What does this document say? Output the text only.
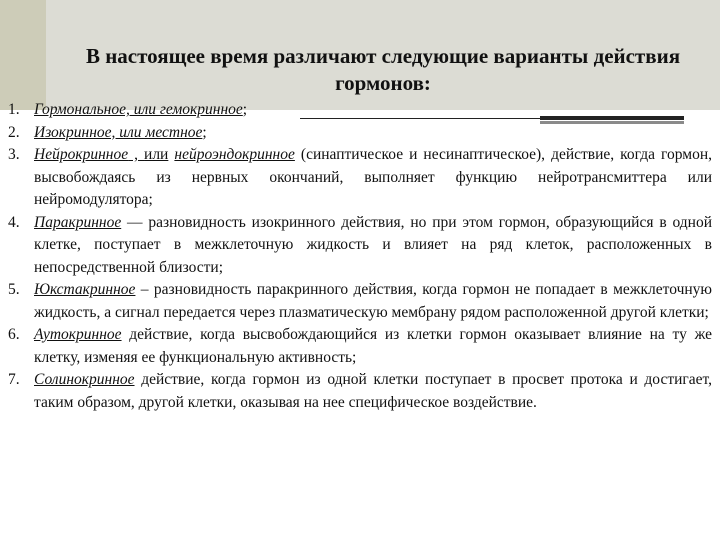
В настоящее время различают следующие варианты действия гормонов:
1. Гормональное, или гемокринное;
2. Изокринное, или местное;
3. Нейрокринное , или нейроэндокринное (синаптическое и несинаптическое), действие, когда гормон, высвобождаясь из нервных окончаний, выполняет функцию нейротрансмиттера или нейромодулятора;
4. Паракринное — разновидность изокринного действия, но при этом гормон, образующийся в одной клетке, поступает в межклеточную жидкость и влияет на ряд клеток, расположенных в непосредственной близости;
5. Юкстакринное – разновидность паракринного действия, когда гормон не попадает в межклеточную жидкость, а сигнал передается через плазматическую мембрану рядом расположенной другой клетки;
6. Аутокринное действие, когда высвобождающийся из клетки гормон оказывает влияние на ту же клетку, изменяя ее функциональную активность;
7. Солинокринное действие, когда гормон из одной клетки поступает в просвет протока и достигает, таким образом, другой клетки, оказывая на нее специфическое воздействие.
